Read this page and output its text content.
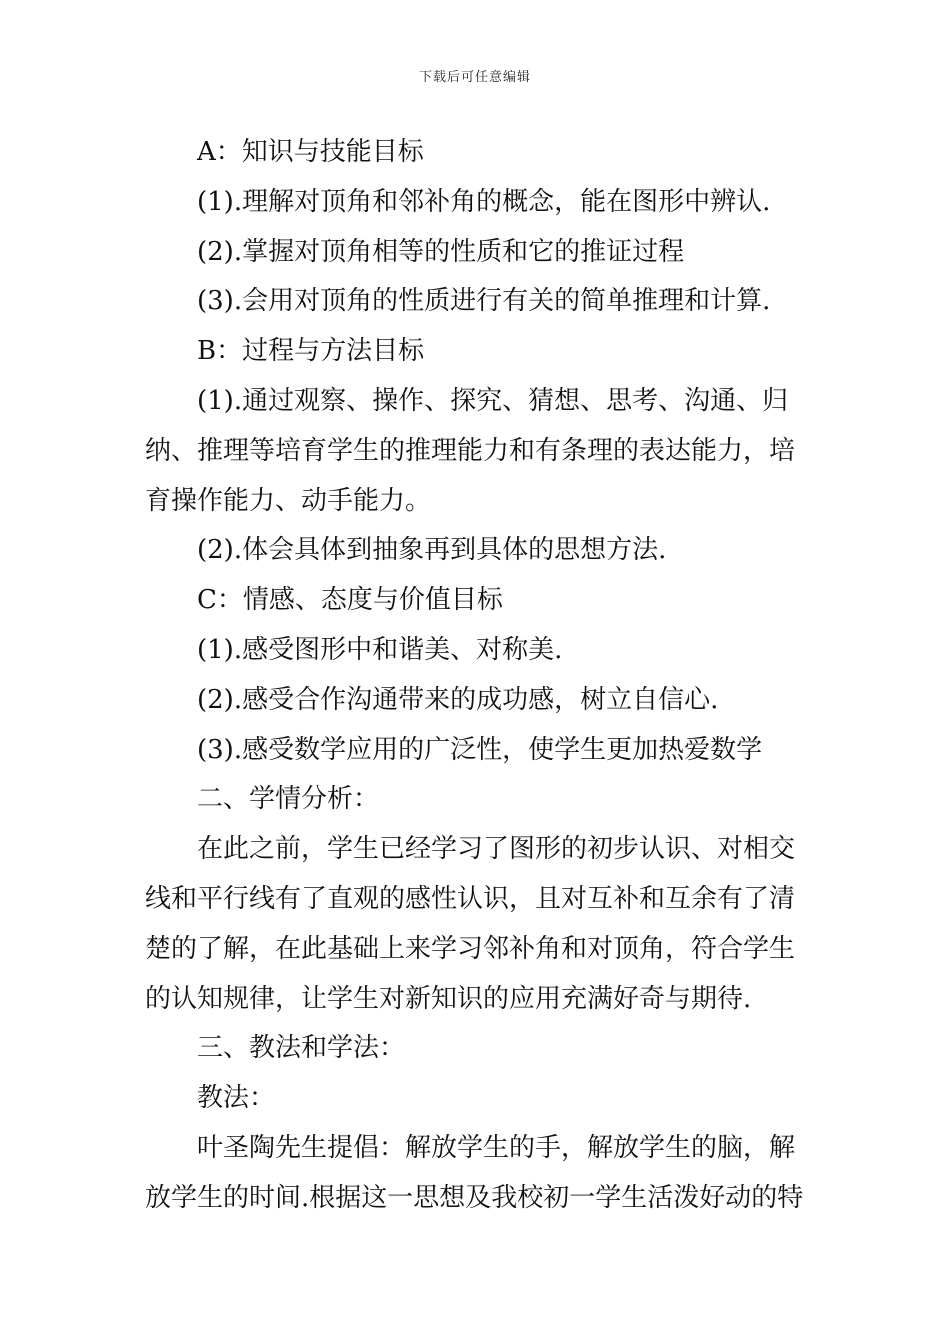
下载后可任意编辑

A：知识与技能目标

(1).理解对顶角和邻补角的概念，能在图形中辨认.

(2).掌握对顶角相等的性质和它的推证过程

(3).会用对顶角的性质进行有关的简单推理和计算.

B：过程与方法目标

(1).通过观察、操作、探究、猜想、思考、沟通、归纳、推理等培育学生的推理能力和有条理的表达能力，培育操作能力、动手能力。

(2).体会具体到抽象再到具体的思想方法.

C：情感、态度与价值目标

(1).感受图形中和谐美、对称美.

(2).感受合作沟通带来的成功感，树立自信心.

(3).感受数学应用的广泛性，使学生更加热爱数学

二、学情分析：

在此之前，学生已经学习了图形的初步认识、对相交线和平行线有了直观的感性认识，且对互补和互余有了清楚的了解，在此基础上来学习邻补角和对顶角，符合学生的认知规律，让学生对新知识的应用充满好奇与期待.

三、教法和学法：

教法：

叶圣陶先生提倡：解放学生的手，解放学生的脑，解放学生的时间.根据这一思想及我校初一学生活泼好动的特
